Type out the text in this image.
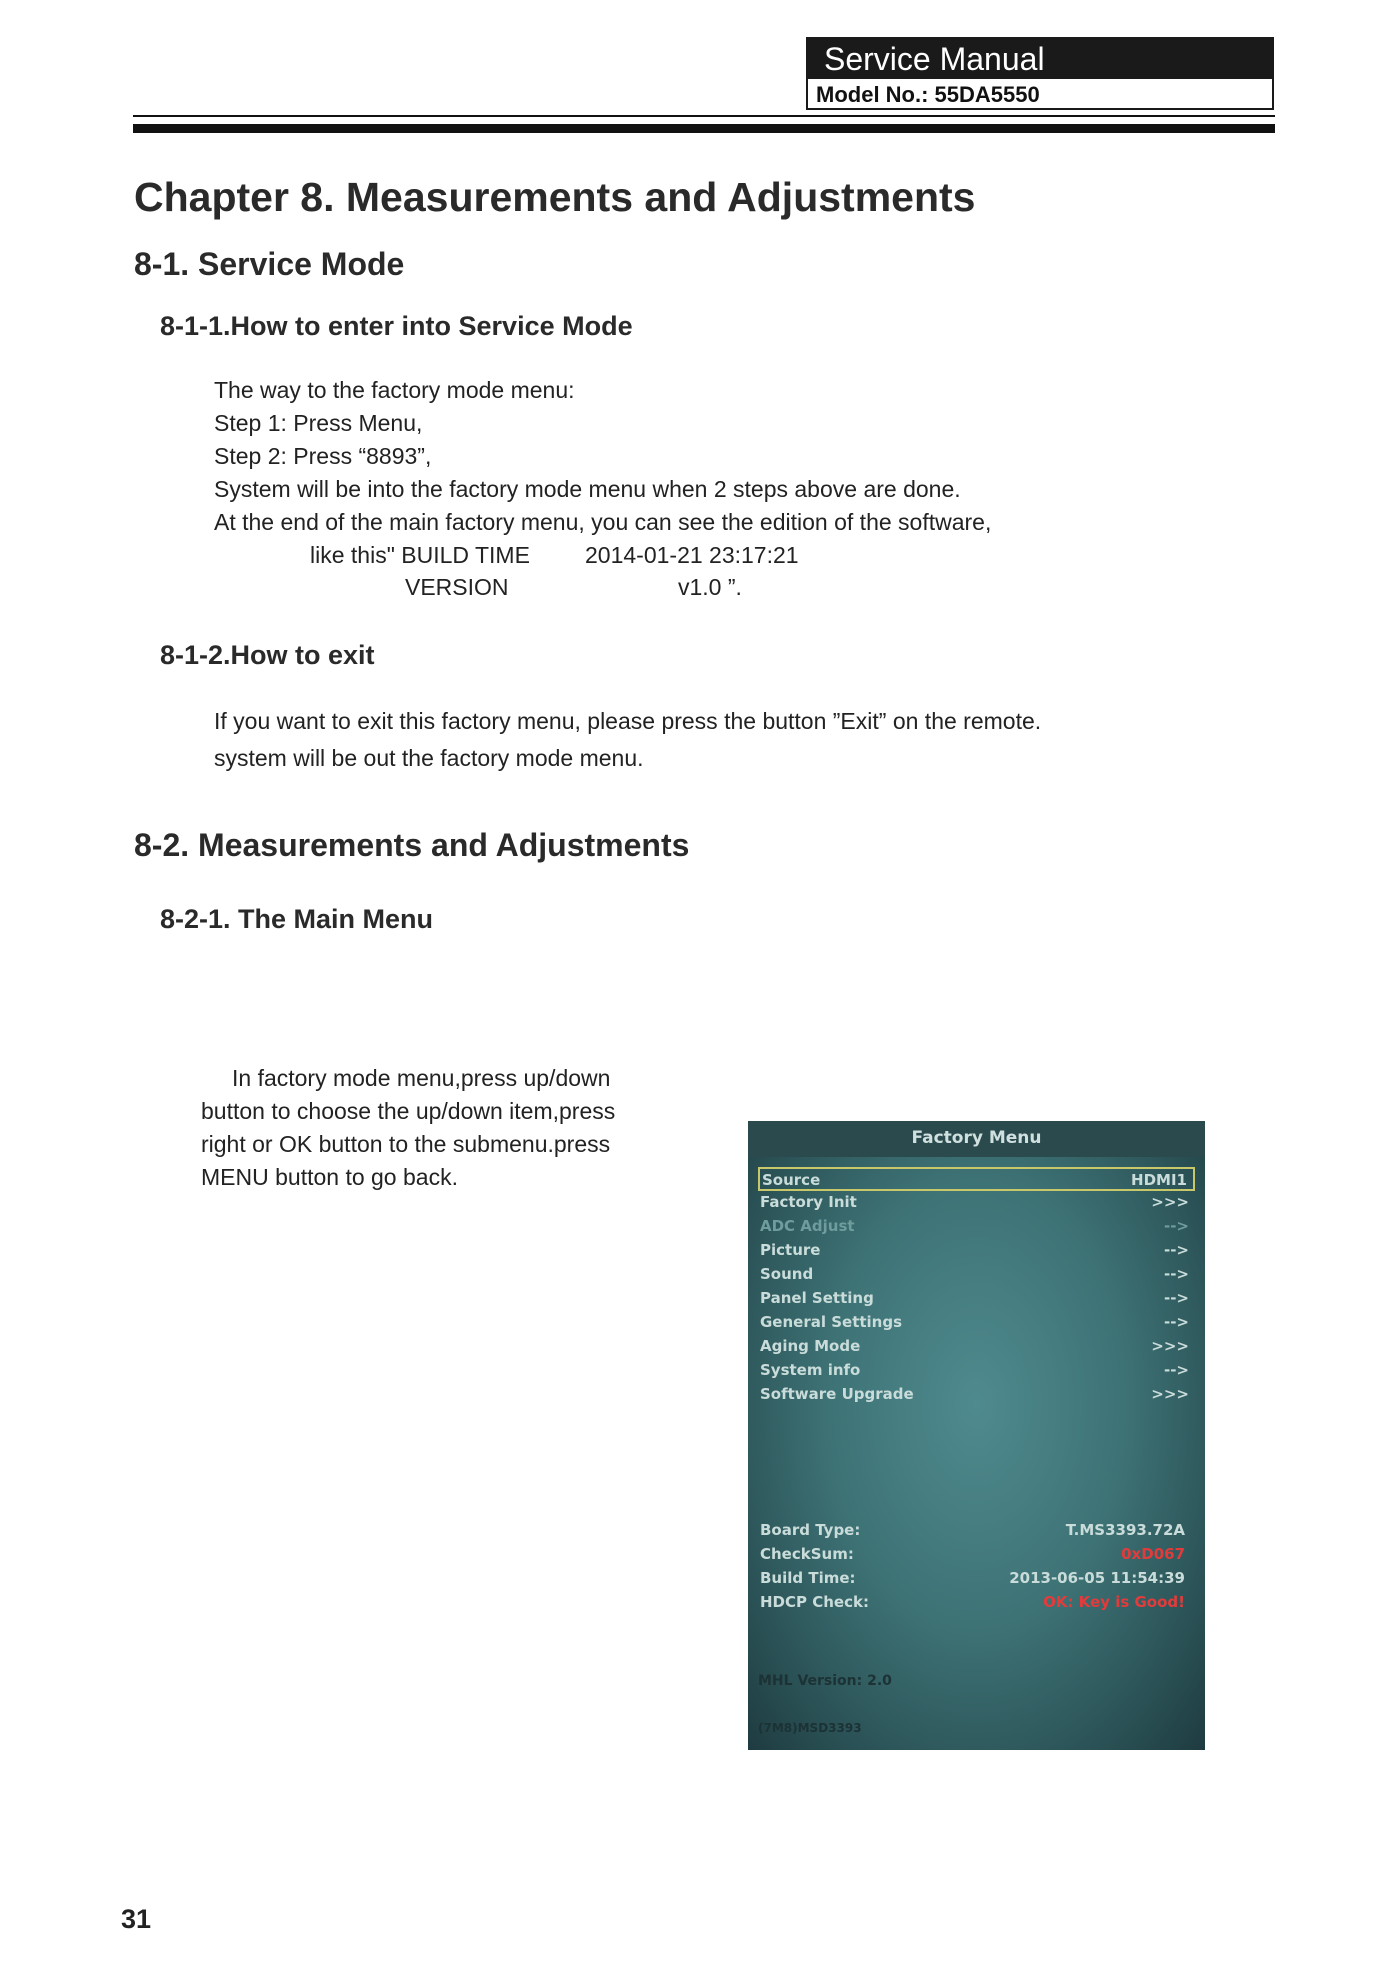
Service Manual
Model No.: 55DA5550
Chapter 8. Measurements and Adjustments
8-1. Service Mode
8-1-1.How to enter into Service Mode
The way to the factory mode menu:
Step 1: Press Menu,
Step 2: Press “8893”,
System will be into the factory mode menu when 2 steps above are done.
At the end of the main factory menu, you can see the edition of the software,
like this" BUILD TIME 2014-01-21 23:17:21
VERSION	v1.0 ”.
8-1-2.How to exit
If you want to exit this factory menu, please press the button ”Exit” on the remote.
system will be out the factory mode menu.
8-2. Measurements and Adjustments
8-2-1. The Main Menu
In factory mode menu,press up/down
button to choose the up/down item,press
right or OK button to the submenu.press
MENU button to go back.
Factory Menu
Source	HDMI1
Factory Init	>>>
ADC Adjust	-->
Picture	-->
Sound	-->
Panel Setting	-->
General Settings	-->
Aging Mode	>>>
System info	-->
Software Upgrade	>>>
Board Type:	T.MS3393.72A
CheckSum:	0xD067
Build Time:	2013-06-05 11:54:39
HDCP Check:	OK: Key is Good!
MHL Version: 2.0
(7M8)MSD3393
31
